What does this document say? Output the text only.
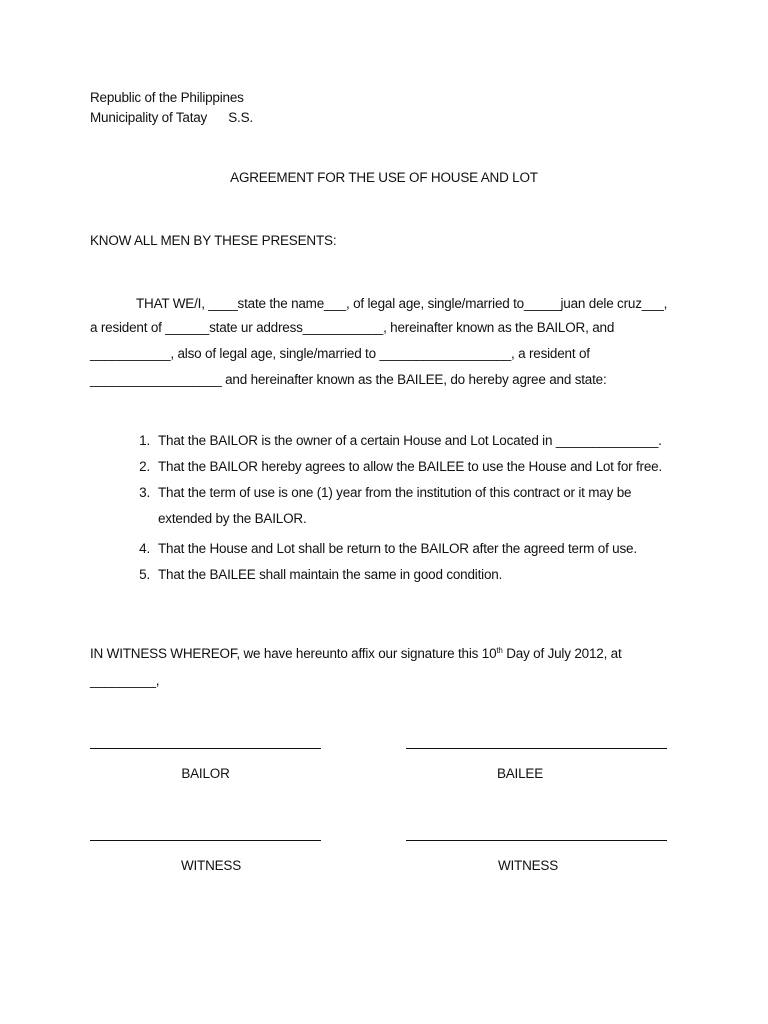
Republic of the Philippines
Municipality of Tatay S.S.
AGREEMENT FOR THE USE OF HOUSE AND LOT
KNOW ALL MEN BY THESE PRESENTS:
THAT WE/I, ____state the name___, of legal age, single/married to_____juan dele cruz___,
a resident of ______state ur address___________, hereinafter known as the BAILOR, and
___________, also of legal age, single/married to __________________, a resident of
__________________ and hereinafter known as the BAILEE, do hereby agree and state:
1. That the BAILOR is the owner of a certain House and Lot Located in ______________.
2. That the BAILOR hereby agrees to allow the BAILEE to use the House and Lot for free.
3. That the term of use is one (1) year from the institution of this contract or it may be
extended by the BAILOR.
4. That the House and Lot shall be return to the BAILOR after the agreed term of use.
5. That the BAILEE shall maintain the same in good condition.
IN WITNESS WHEREOF, we have hereunto affix our signature this 10th Day of July 2012, at
_________,
BAILOR	BAILEE
WITNESS	WITNESS
